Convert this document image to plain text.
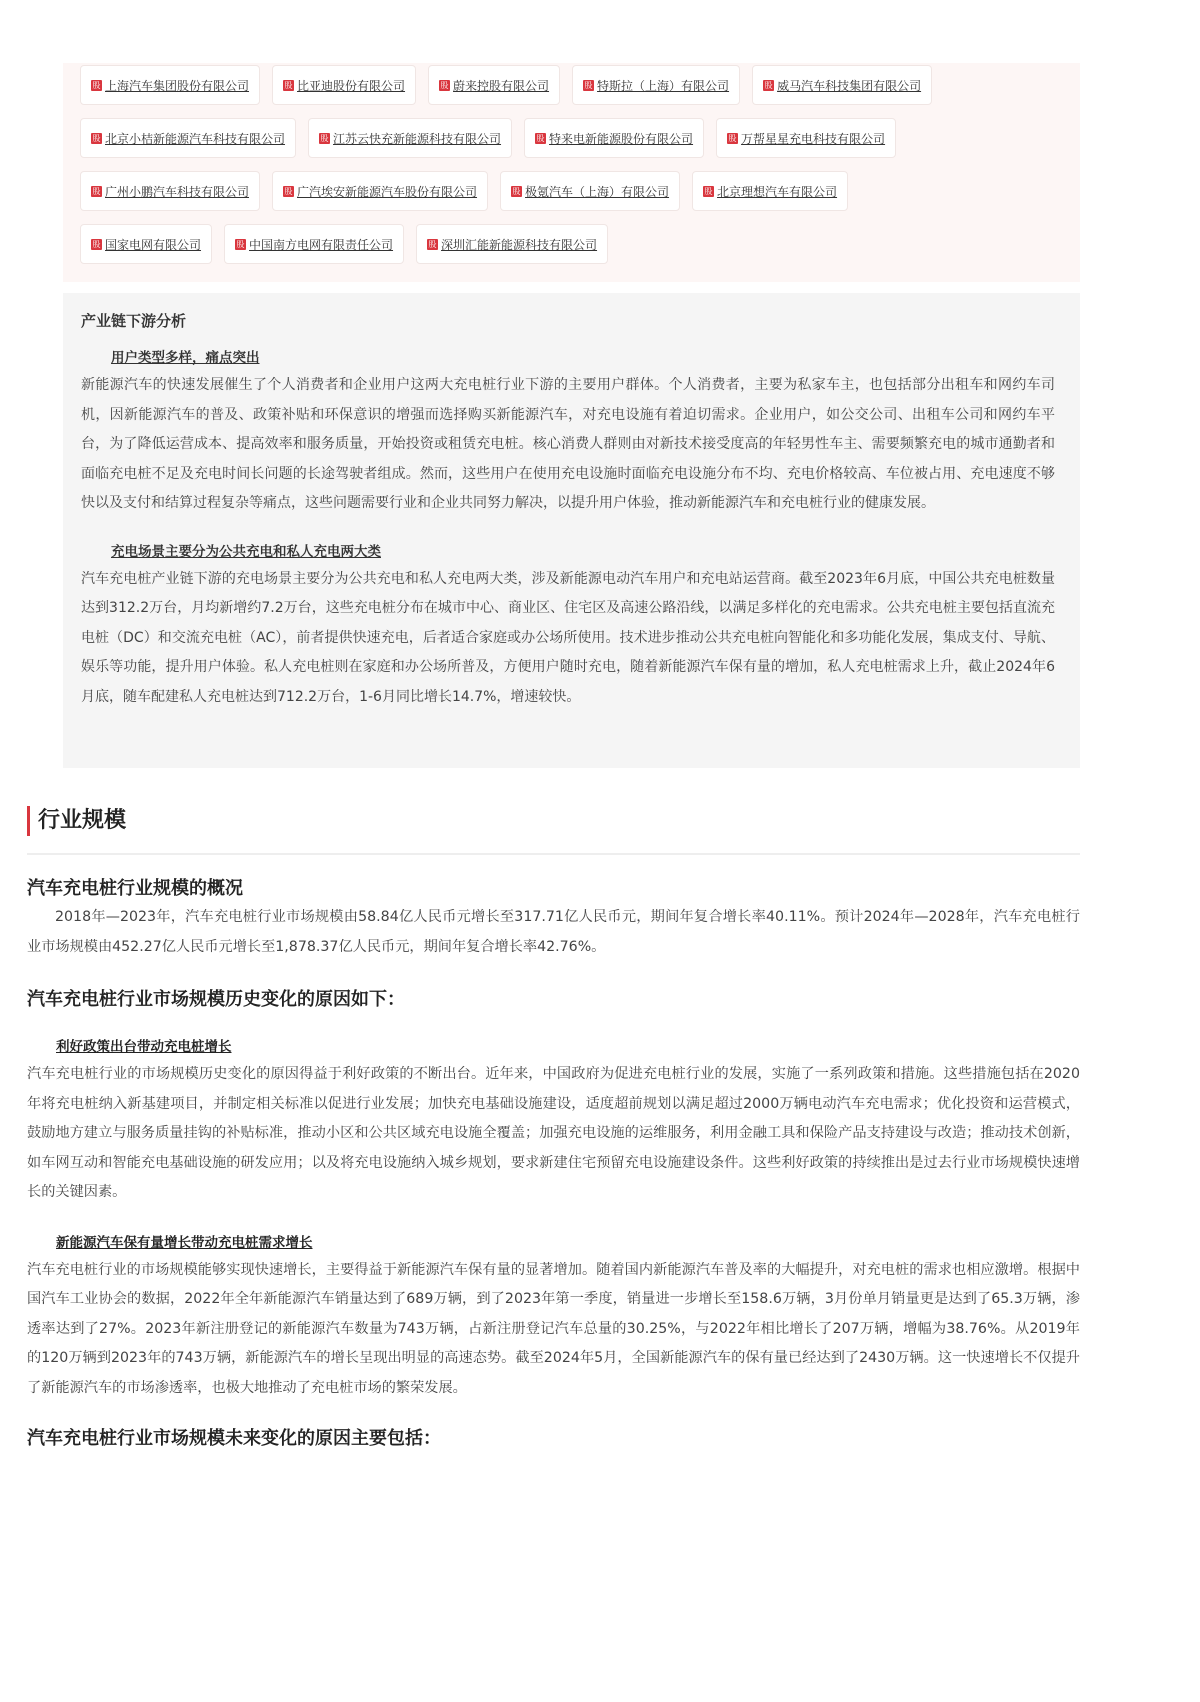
股 上海汽车集团股份有限公司	股 比亚迪股份有限公司	股 蔚来控股有限公司	股 特斯拉（上海）有限公司	股 威马汽车科技集团有限公司
股 北京小桔新能源汽车科技有限公司	股 江苏云快充新能源科技有限公司	股 特来电新能源股份有限公司	股 万帮星星充电科技有限公司
股 广州小鹏汽车科技有限公司	股 广汽埃安新能源汽车股份有限公司	股 极氪汽车（上海）有限公司	股 北京理想汽车有限公司
股 国家电网有限公司	股 中国南方电网有限责任公司	股 深圳汇能新能源科技有限公司
产业链下游分析
用户类型多样，痛点突出

新能源汽车的快速发展催生了个人消费者和企业用户这两大充电桩行业下游的主要用户群体。个人消费者，主要为私家车主，也包括部分出租车和网约车司机，因新能源汽车的普及、政策补贴和环保意识的增强而选择购买新能源汽车，对充电设施有着迫切需求。企业用户，如公交公司、出租车公司和网约车平台，为了降低运营成本、提高效率和服务质量，开始投资或租赁充电桩。核心消费人群则由对新技术接受度高的年轻男性车主、需要频繁充电的城市通勤者和面临充电桩不足及充电时间长问题的长途驾驶者组成。然而，这些用户在使用充电设施时面临充电设施分布不均、充电价格较高、车位被占用、充电速度不够快以及支付和结算过程复杂等痛点，这些问题需要行业和企业共同努力解决，以提升用户体验，推动新能源汽车和充电桩行业的健康发展。

充电场景主要分为公共充电和私人充电两大类

汽车充电桩产业链下游的充电场景主要分为公共充电和私人充电两大类，涉及新能源电动汽车用户和充电站运营商。截至2023年6月底，中国公共充电桩数量达到312.2万台，月均新增约7.2万台，这些充电桩分布在城市中心、商业区、住宅区及高速公路沿线，以满足多样化的充电需求。公共充电桩主要包括直流充电桩（DC）和交流充电桩（AC），前者提供快速充电，后者适合家庭或办公场所使用。技术进步推动公共充电桩向智能化和多功能化发展，集成支付、导航、娱乐等功能，提升用户体验。私人充电桩则在家庭和办公场所普及，方便用户随时充电，随着新能源汽车保有量的增加，私人充电桩需求上升，截止2024年6月底，随车配建私人充电桩达到712.2万台，1-6月同比增长14.7%，增速较快。

行业规模
汽车充电桩行业规模的概况

2018年—2023年，汽车充电桩行业市场规模由58.84亿人民币元增长至317.71亿人民币元，期间年复合增长率40.11%。预计2024年—2028年，汽车充电桩行业市场规模由452.27亿人民币元增长至1,878.37亿人民币元，期间年复合增长率42.76%。

汽车充电桩行业市场规模历史变化的原因如下：
利好政策出台带动充电桩增长

汽车充电桩行业的市场规模历史变化的原因得益于利好政策的不断出台。近年来，中国政府为促进充电桩行业的发展，实施了一系列政策和措施。这些措施包括在2020年将充电桩纳入新基建项目，并制定相关标准以促进行业发展；加快充电基础设施建设，适度超前规划以满足超过2000万辆电动汽车充电需求；优化投资和运营模式，鼓励地方建立与服务质量挂钩的补贴标准，推动小区和公共区域充电设施全覆盖；加强充电设施的运维服务，利用金融工具和保险产品支持建设与改造；推动技术创新，如车网互动和智能充电基础设施的研发应用；以及将充电设施纳入城乡规划，要求新建住宅预留充电设施建设条件。这些利好政策的持续推出是过去行业市场规模快速增长的关键因素。

新能源汽车保有量增长带动充电桩需求增长

汽车充电桩行业的市场规模能够实现快速增长，主要得益于新能源汽车保有量的显著增加。随着国内新能源汽车普及率的大幅提升，对充电桩的需求也相应激增。根据中国汽车工业协会的数据，2022年全年新能源汽车销量达到了689万辆，到了2023年第一季度，销量进一步增长至158.6万辆，3月份单月销量更是达到了65.3万辆，渗透率达到了27%。2023年新注册登记的新能源汽车数量为743万辆，占新注册登记汽车总量的30.25%，与2022年相比增长了207万辆，增幅为38.76%。从2019年的120万辆到2023年的743万辆，新能源汽车的增长呈现出明显的高速态势。截至2024年5月，全国新能源汽车的保有量已经达到了2430万辆。这一快速增长不仅提升了新能源汽车的市场渗透率，也极大地推动了充电桩市场的繁荣发展。

汽车充电桩行业市场规模未来变化的原因主要包括：
